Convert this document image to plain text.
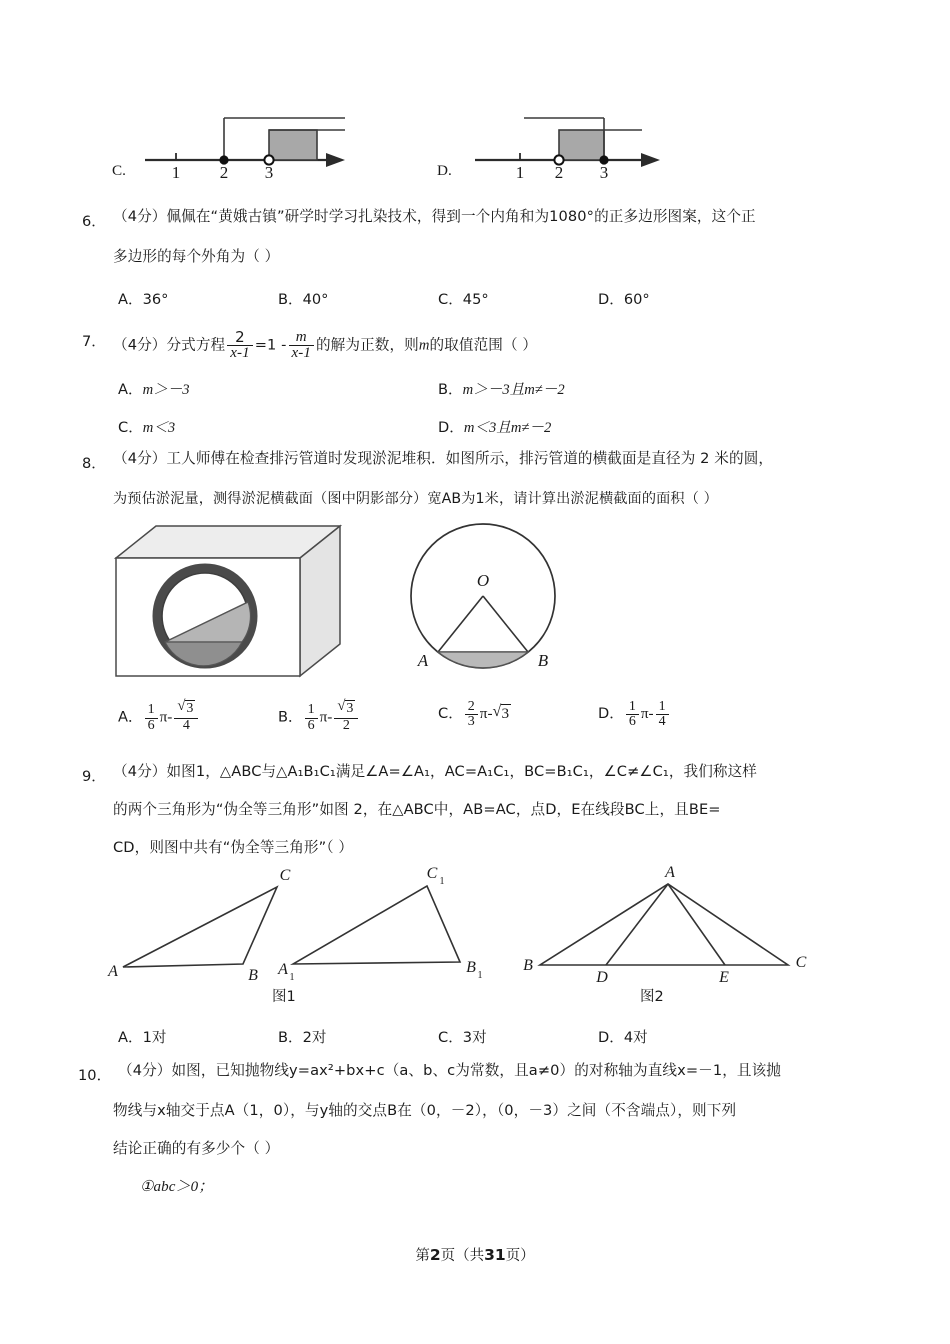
C.	1 2 3	D.	1 2 3
6． （4分）佩佩在“黄娥古镇”研学时学习扎染技术，得到一个内角和为1080°的正多边形图案，这个正
多边形的每个外角为（ ）
A．36°	B．40°	C．45°	D．60°
7． （4分）分式方程 $\frac{2}{x-1} =1 - \frac{m}{x-1}$ 的解为正数，则m的取值范围（ ）
A．m＞－3	B．m＞－3且m≠－2
C．m＜3	D．m＜3且m≠－2
8． （4分）工人师傅在检查排污管道时发现淤泥堆积．如图所示，排污管道的横截面是直径为 2 米的圆，
为预估淤泥量，测得淤泥横截面（图中阴影部分）宽AB为1米，请计算出淤泥横截面的面积（ ）
O
A	B
A． $\frac{1}{6} \pi-$ √ $\frac{3}{4}$	B． $\frac{1}{6} \pi-$ √ $\frac{3}{2}$	C． $\frac{2}{3} \pi-$ √ 3	D． $\frac{1}{6} \pi- \frac{1}{4}$
9． （4分）如图1，△ABC与△A₁B₁C₁满足∠A=∠A₁，AC=A₁C₁，BC=B₁C₁，∠C≠∠C₁，我们称这样
的两个三角形为“伪全等三角形”如图 2，在△ABC中，AB=AC，点D，E在线段BC上，且BE=
CD，则图中共有“伪全等三角形”（ ）
A	B
C
A 1
B 1
C 1
图1
B	C
A
D	E
图2
A．1对	B．2对	C．3对	D．4对
10． （4分）如图，已知抛物线y=ax²+bx+c（a、b、c为常数，且a≠0）的对称轴为直线x=－1，且该抛
物线与x轴交于点A（1，0），与y轴的交点B在（0，－2），（0，－3）之间（不含端点），则下列
结论正确的有多少个（ ）
①abc＞0；
第2页（共31页）
